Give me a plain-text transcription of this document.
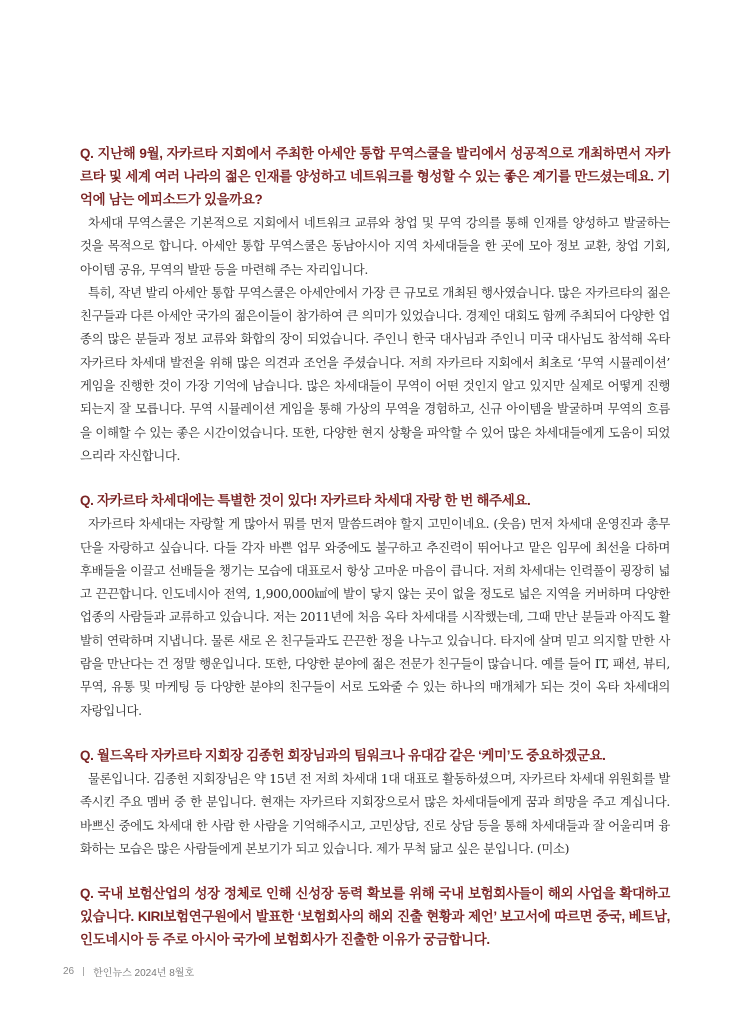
Q. 지난해 9월, 자카르타 지회에서 주최한 아세안 통합 무역스쿨을 발리에서 성공적으로 개최하면서 자카르타 및 세계 여러 나라의 젊은 인재를 양성하고 네트워크를 형성할 수 있는 좋은 계기를 만드셨는데요. 기억에 남는 에피소드가 있을까요?

차세대 무역스쿨은 기본적으로 지회에서 네트워크 교류와 창업 및 무역 강의를 통해 인재를 양성하고 발굴하는 것을 목적으로 합니다. 아세안 통합 무역스쿨은 동남아시아 지역 차세대들을 한 곳에 모아 정보 교환, 창업 기회, 아이템 공유, 무역의 발판 등을 마련해 주는 자리입니다.

특히, 작년 발리 아세안 통합 무역스쿨은 아세안에서 가장 큰 규모로 개최된 행사였습니다. 많은 자카르타의 젊은 친구들과 다른 아세안 국가의 젊은이들이 참가하여 큰 의미가 있었습니다. 경제인 대회도 함께 주최되어 다양한 업종의 많은 분들과 정보 교류와 화합의 장이 되었습니다. 주인니 한국 대사님과 주인니 미국 대사님도 참석해 옥타 자카르타 차세대 발전을 위해 많은 의견과 조언을 주셨습니다. 저희 자카르타 지회에서 최초로 ‘무역 시뮬레이션’ 게임을 진행한 것이 가장 기억에 남습니다. 많은 차세대들이 무역이 어떤 것인지 알고 있지만 실제로 어떻게 진행되는지 잘 모릅니다. 무역 시뮬레이션 게임을 통해 가상의 무역을 경험하고, 신규 아이템을 발굴하며 무역의 흐름을 이해할 수 있는 좋은 시간이었습니다. 또한, 다양한 현지 상황을 파악할 수 있어 많은 차세대들에게 도움이 되었으리라 자신합니다.

Q. 자카르타 차세대에는 특별한 것이 있다! 자카르타 차세대 자랑 한 번 해주세요.

자카르타 차세대는 자랑할 게 많아서 뭐를 먼저 말씀드려야 할지 고민이네요. (웃음) 먼저 차세대 운영진과 총무단을 자랑하고 싶습니다. 다들 각자 바쁜 업무 와중에도 불구하고 추진력이 뛰어나고 맡은 임무에 최선을 다하며 후배들을 이끌고 선배들을 챙기는 모습에 대표로서 항상 고마운 마음이 큽니다. 저희 차세대는 인력풀이 굉장히 넓고 끈끈합니다. 인도네시아 전역, 1,900,000㎢에 발이 닿지 않는 곳이 없을 정도로 넓은 지역을 커버하며 다양한 업종의 사람들과 교류하고 있습니다. 저는 2011년에 처음 옥타 차세대를 시작했는데, 그때 만난 분들과 아직도 활발히 연락하며 지냅니다. 물론 새로 온 친구들과도 끈끈한 정을 나누고 있습니다. 타지에 살며 믿고 의지할 만한 사람을 만난다는 건 정말 행운입니다. 또한, 다양한 분야에 젊은 전문가 친구들이 많습니다. 예를 들어 IT, 패션, 뷰티, 무역, 유통 및 마케팅 등 다양한 분야의 친구들이 서로 도와줄 수 있는 하나의 매개체가 되는 것이 옥타 차세대의 자랑입니다.

Q. 월드옥타 자카르타 지회장 김종헌 회장님과의 팀워크나 유대감 같은 ‘케미’도 중요하겠군요.

물론입니다. 김종헌 지회장님은 약 15년 전 저희 차세대 1대 대표로 활동하셨으며, 자카르타 차세대 위원회를 발족시킨 주요 멤버 중 한 분입니다. 현재는 자카르타 지회장으로서 많은 차세대들에게 꿈과 희망을 주고 계십니다. 바쁘신 중에도 차세대 한 사람 한 사람을 기억해주시고, 고민상담, 진로 상담 등을 통해 차세대들과 잘 어울리며 융화하는 모습은 많은 사람들에게 본보기가 되고 있습니다. 제가 무척 닮고 싶은 분입니다. (미소)

Q. 국내 보험산업의 성장 정체로 인해 신성장 동력 확보를 위해 국내 보험회사들이 해외 사업을 확대하고 있습니다. KIRI보험연구원에서 발표한 ‘보험회사의 해외 진출 현황과 제언’ 보고서에 따르면 중국, 베트남, 인도네시아 등 주로 아시아 국가에 보험회사가 진출한 이유가 궁금합니다.

26 한인뉴스 2024년 8월호
